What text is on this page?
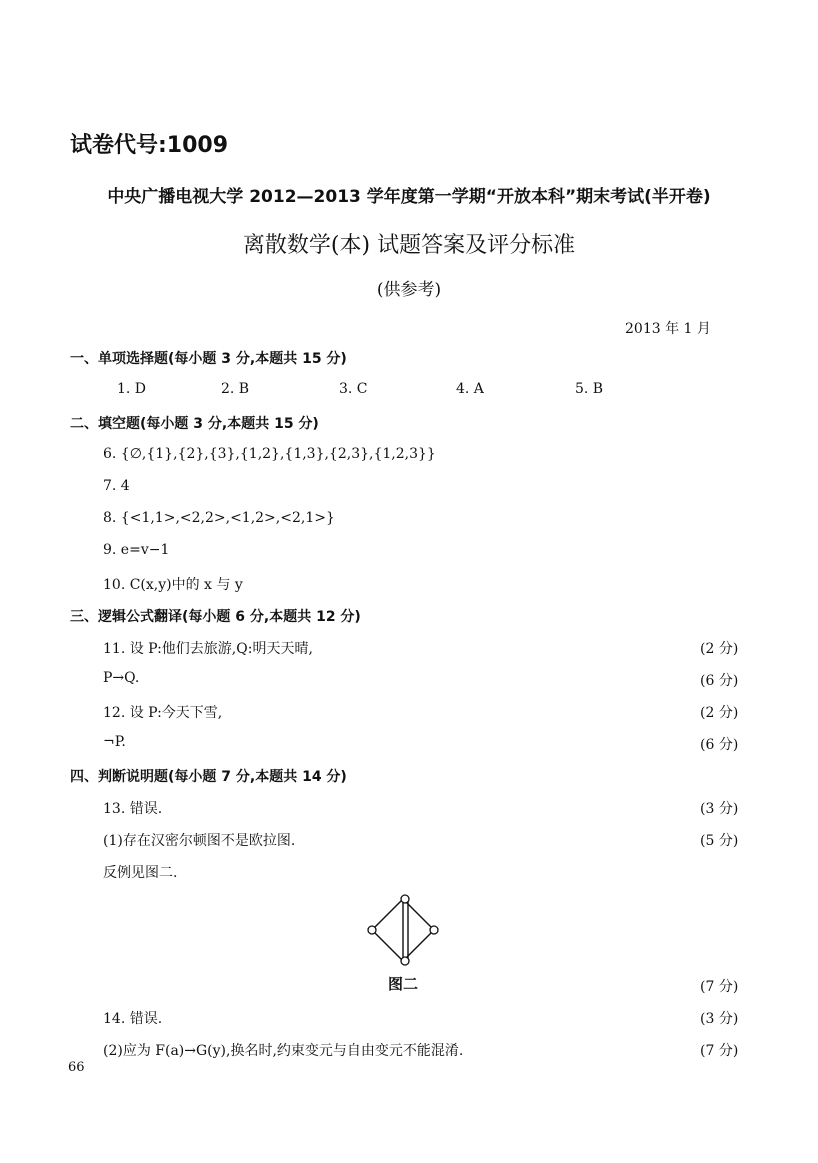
试卷代号:1009
中央广播电视大学 2012—2013 学年度第一学期“开放本科”期末考试(半开卷)
离散数学(本) 试题答案及评分标准
(供参考)
2013 年 1 月
一、单项选择题(每小题 3 分,本题共 15 分)
1. D	2. B	3. C	4. A	5. B
二、填空题(每小题 3 分,本题共 15 分)
6. {∅,{1},{2},{3},{1,2},{1,3},{2,3},{1,2,3}}
7. 4
8. {<1,1>,<2,2>,<1,2>,<2,1>}
9. e=v−1
10. C(x,y)中的 x 与 y
三、逻辑公式翻译(每小题 6 分,本题共 12 分)
11. 设 P:他们去旅游,Q:明天天晴,	(2 分)
P→Q.	(6 分)
12. 设 P:今天下雪,	(2 分)
¬P.	(6 分)
四、判断说明题(每小题 7 分,本题共 14 分)
13. 错误.	(3 分)
(1)存在汉密尔顿图不是欧拉图.	(5 分)
反例见图二.
图二	(7 分)
14. 错误.	(3 分)
(2)应为 F(a)→G(y),换名时,约束变元与自由变元不能混淆.	(7 分)
66
